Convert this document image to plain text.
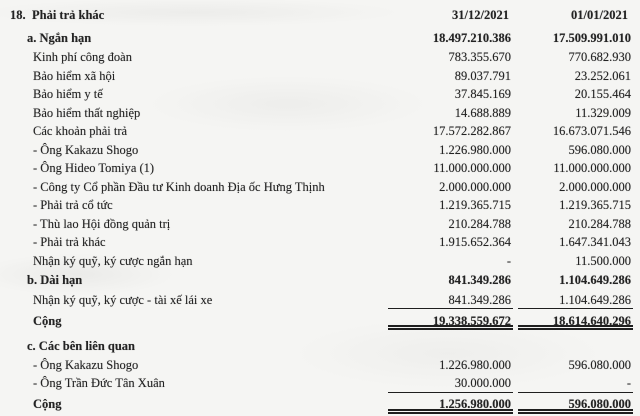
18. Phải trả khác	31/12/2021	01/01/2021
a. Ngắn hạn	18.497.210.386	17.509.991.010
Kinh phí công đoàn	783.355.670	770.682.930
Bảo hiểm xã hội	89.037.791	23.252.061
Bảo hiểm y tế	37.845.169	20.155.464
Bảo hiểm thất nghiệp	14.688.889	11.329.009
Các khoản phải trả	17.572.282.867	16.673.071.546
- Ông Kakazu Shogo	1.226.980.000	596.080.000
- Ông Hideo Tomiya (1)	11.000.000.000	11.000.000.000
- Công ty Cổ phần Đầu tư Kinh doanh Địa ốc Hưng Thịnh	2.000.000.000	2.000.000.000
- Phải trả cổ tức	1.219.365.715	1.219.365.715
- Thù lao Hội đồng quản trị	210.284.788	210.284.788
- Phải trả khác	1.915.652.364	1.647.341.043
Nhận ký quỹ, ký cược ngắn hạn	-	11.500.000
b. Dài hạn	841.349.286	1.104.649.286
Nhận ký quỹ, ký cược - tài xế lái xe	841.349.286	1.104.649.286
Cộng	19.338.559.672	18.614.640.296
c. Các bên liên quan
- Ông Kakazu Shogo	1.226.980.000	596.080.000
- Ông Trần Đức Tân Xuân	30.000.000	-
Cộng	1.256.980.000	596.080.000
